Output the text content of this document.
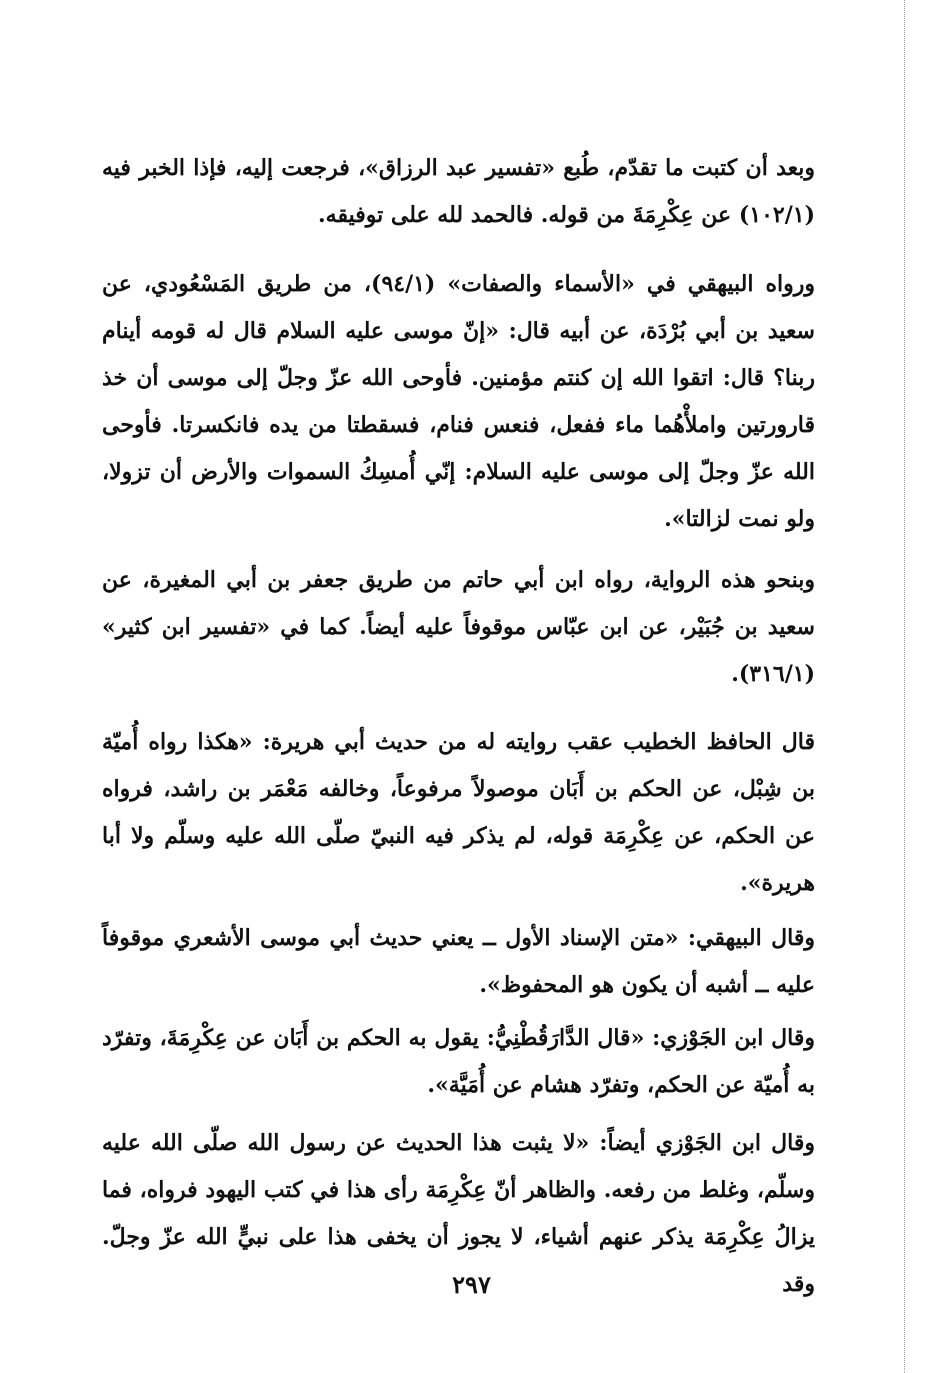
وبعد أن كتبت ما تقدّم، طُبع «تفسير عبد الرزاق»، فرجعت إليه، فإذا الخبر فيه (١٠٢/١) عن عِكْرِمَةَ من قوله. فالحمد لله على توفيقه.

ورواه البيهقي في «الأسماء والصفات» (٩٤/١)، من طريق المَسْعُودي، عن سعيد بن أبي بُرْدَة، عن أبيه قال: «إنّ موسى عليه السلام قال له قومه أينام ربنا؟ قال: اتقوا الله إن كنتم مؤمنين. فأوحى الله عزّ وجلّ إلى موسى أن خذ قارورتين واملأْهُما ماء ففعل، فنعس فنام، فسقطتا من يده فانكسرتا. فأوحى الله عزّ وجلّ إلى موسى عليه السلام: إنّي أُمسِكُ السموات والأرض أن تزولا، ولو نمت لزالتا».

وبنحو هذه الرواية، رواه ابن أبي حاتم من طريق جعفر بن أبي المغيرة، عن سعيد بن جُبَيْر، عن ابن عبّاس موقوفاً عليه أيضاً. كما في «تفسير ابن كثير» (٣١٦/١).

قال الحافظ الخطيب عقب روايته له من حديث أبي هريرة: «هكذا رواه أُميّة بن شِبْل، عن الحكم بن أَبَان موصولاً مرفوعاً، وخالفه مَعْمَر بن راشد، فرواه عن الحكم، عن عِكْرِمَة قوله، لم يذكر فيه النبيّ صلّى الله عليه وسلّم ولا أبا هريرة».

وقال البيهقي: «متن الإسناد الأول ــ يعني حديث أبي موسى الأشعري موقوفاً عليه ــ أشبه أن يكون هو المحفوظ».

وقال ابن الجَوْزي: «قال الدَّارَقُطْنِيُّ: يقول به الحكم بن أَبَان عن عِكْرِمَةَ، وتفرّد به أُميّة عن الحكم، وتفرّد هشام عن أُمَيَّة».

وقال ابن الجَوْزي أيضاً: «لا يثبت هذا الحديث عن رسول الله صلّى الله عليه وسلّم، وغلط من رفعه. والظاهر أنّ عِكْرِمَة رأى هذا في كتب اليهود فرواه، فما يزالُ عِكْرِمَة يذكر عنهم أشياء، لا يجوز أن يخفى هذا على نبيٍّ الله عزّ وجلّ. وقد

٢٩٧
